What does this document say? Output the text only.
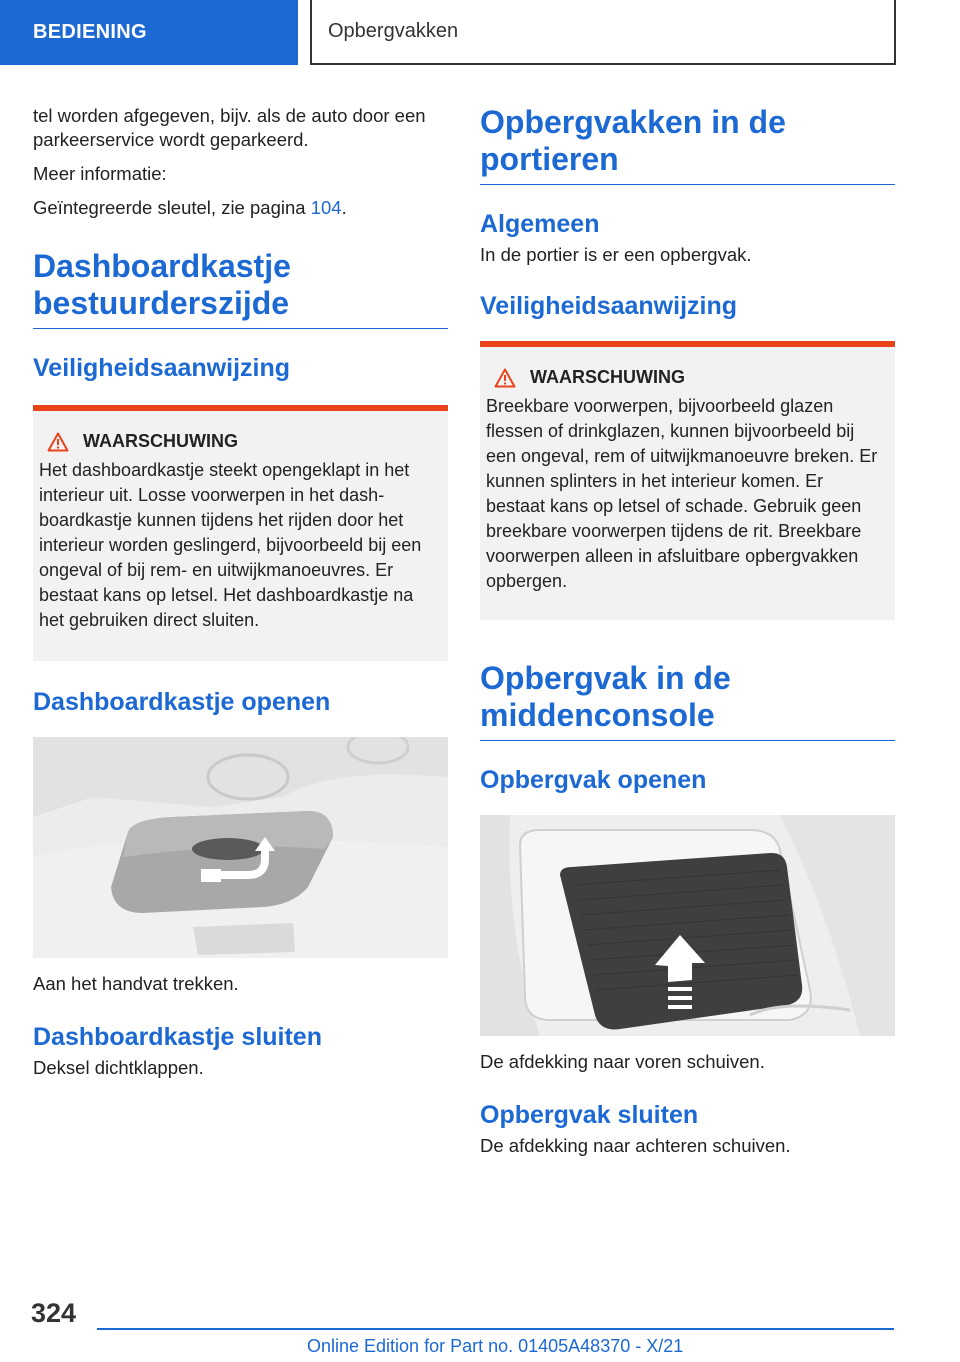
BEDIENING	Opbergvakken

tel worden afgegeven, bijv. als de auto door een parkeerservice wordt geparkeerd.

Meer informatie:

Geïntegreerde sleutel, zie pagina 104.

Dashboardkastje bestuurderszijde
Veiligheidsaanwijzing
WAARSCHUWING

Het dashboardkastje steekt opengeklapt in het interieur uit. Losse voorwerpen in het dashboardkastje kunnen tijdens het rijden door het interieur worden geslingerd, bijvoorbeeld bij een ongeval of bij rem- en uitwijkmanoeuvres. Er bestaat kans op letsel. Het dashboardkastje na het gebruiken direct sluiten.

Dashboardkastje openen

Aan het handvat trekken.

Dashboardkastje sluiten

Deksel dichtklappen.

Opbergvakken in de portieren
Algemeen

In de portier is er een opbergvak.

Veiligheidsaanwijzing
WAARSCHUWING

Breekbare voorwerpen, bijvoorbeeld glazen flessen of drinkglazen, kunnen bijvoorbeeld bij een ongeval, rem of uitwijkmanoeuvre breken. Er kunnen splinters in het interieur komen. Er bestaat kans op letsel of schade. Gebruik geen breekbare voorwerpen tijdens de rit. Breekbare voorwerpen alleen in afsluitbare opbergvakken opbergen.

Opbergvak in de middenconsole
Opbergvak openen

De afdekking naar voren schuiven.

Opbergvak sluiten

De afdekking naar achteren schuiven.

324
Online Edition for Part no. 01405A48370 - X/21
